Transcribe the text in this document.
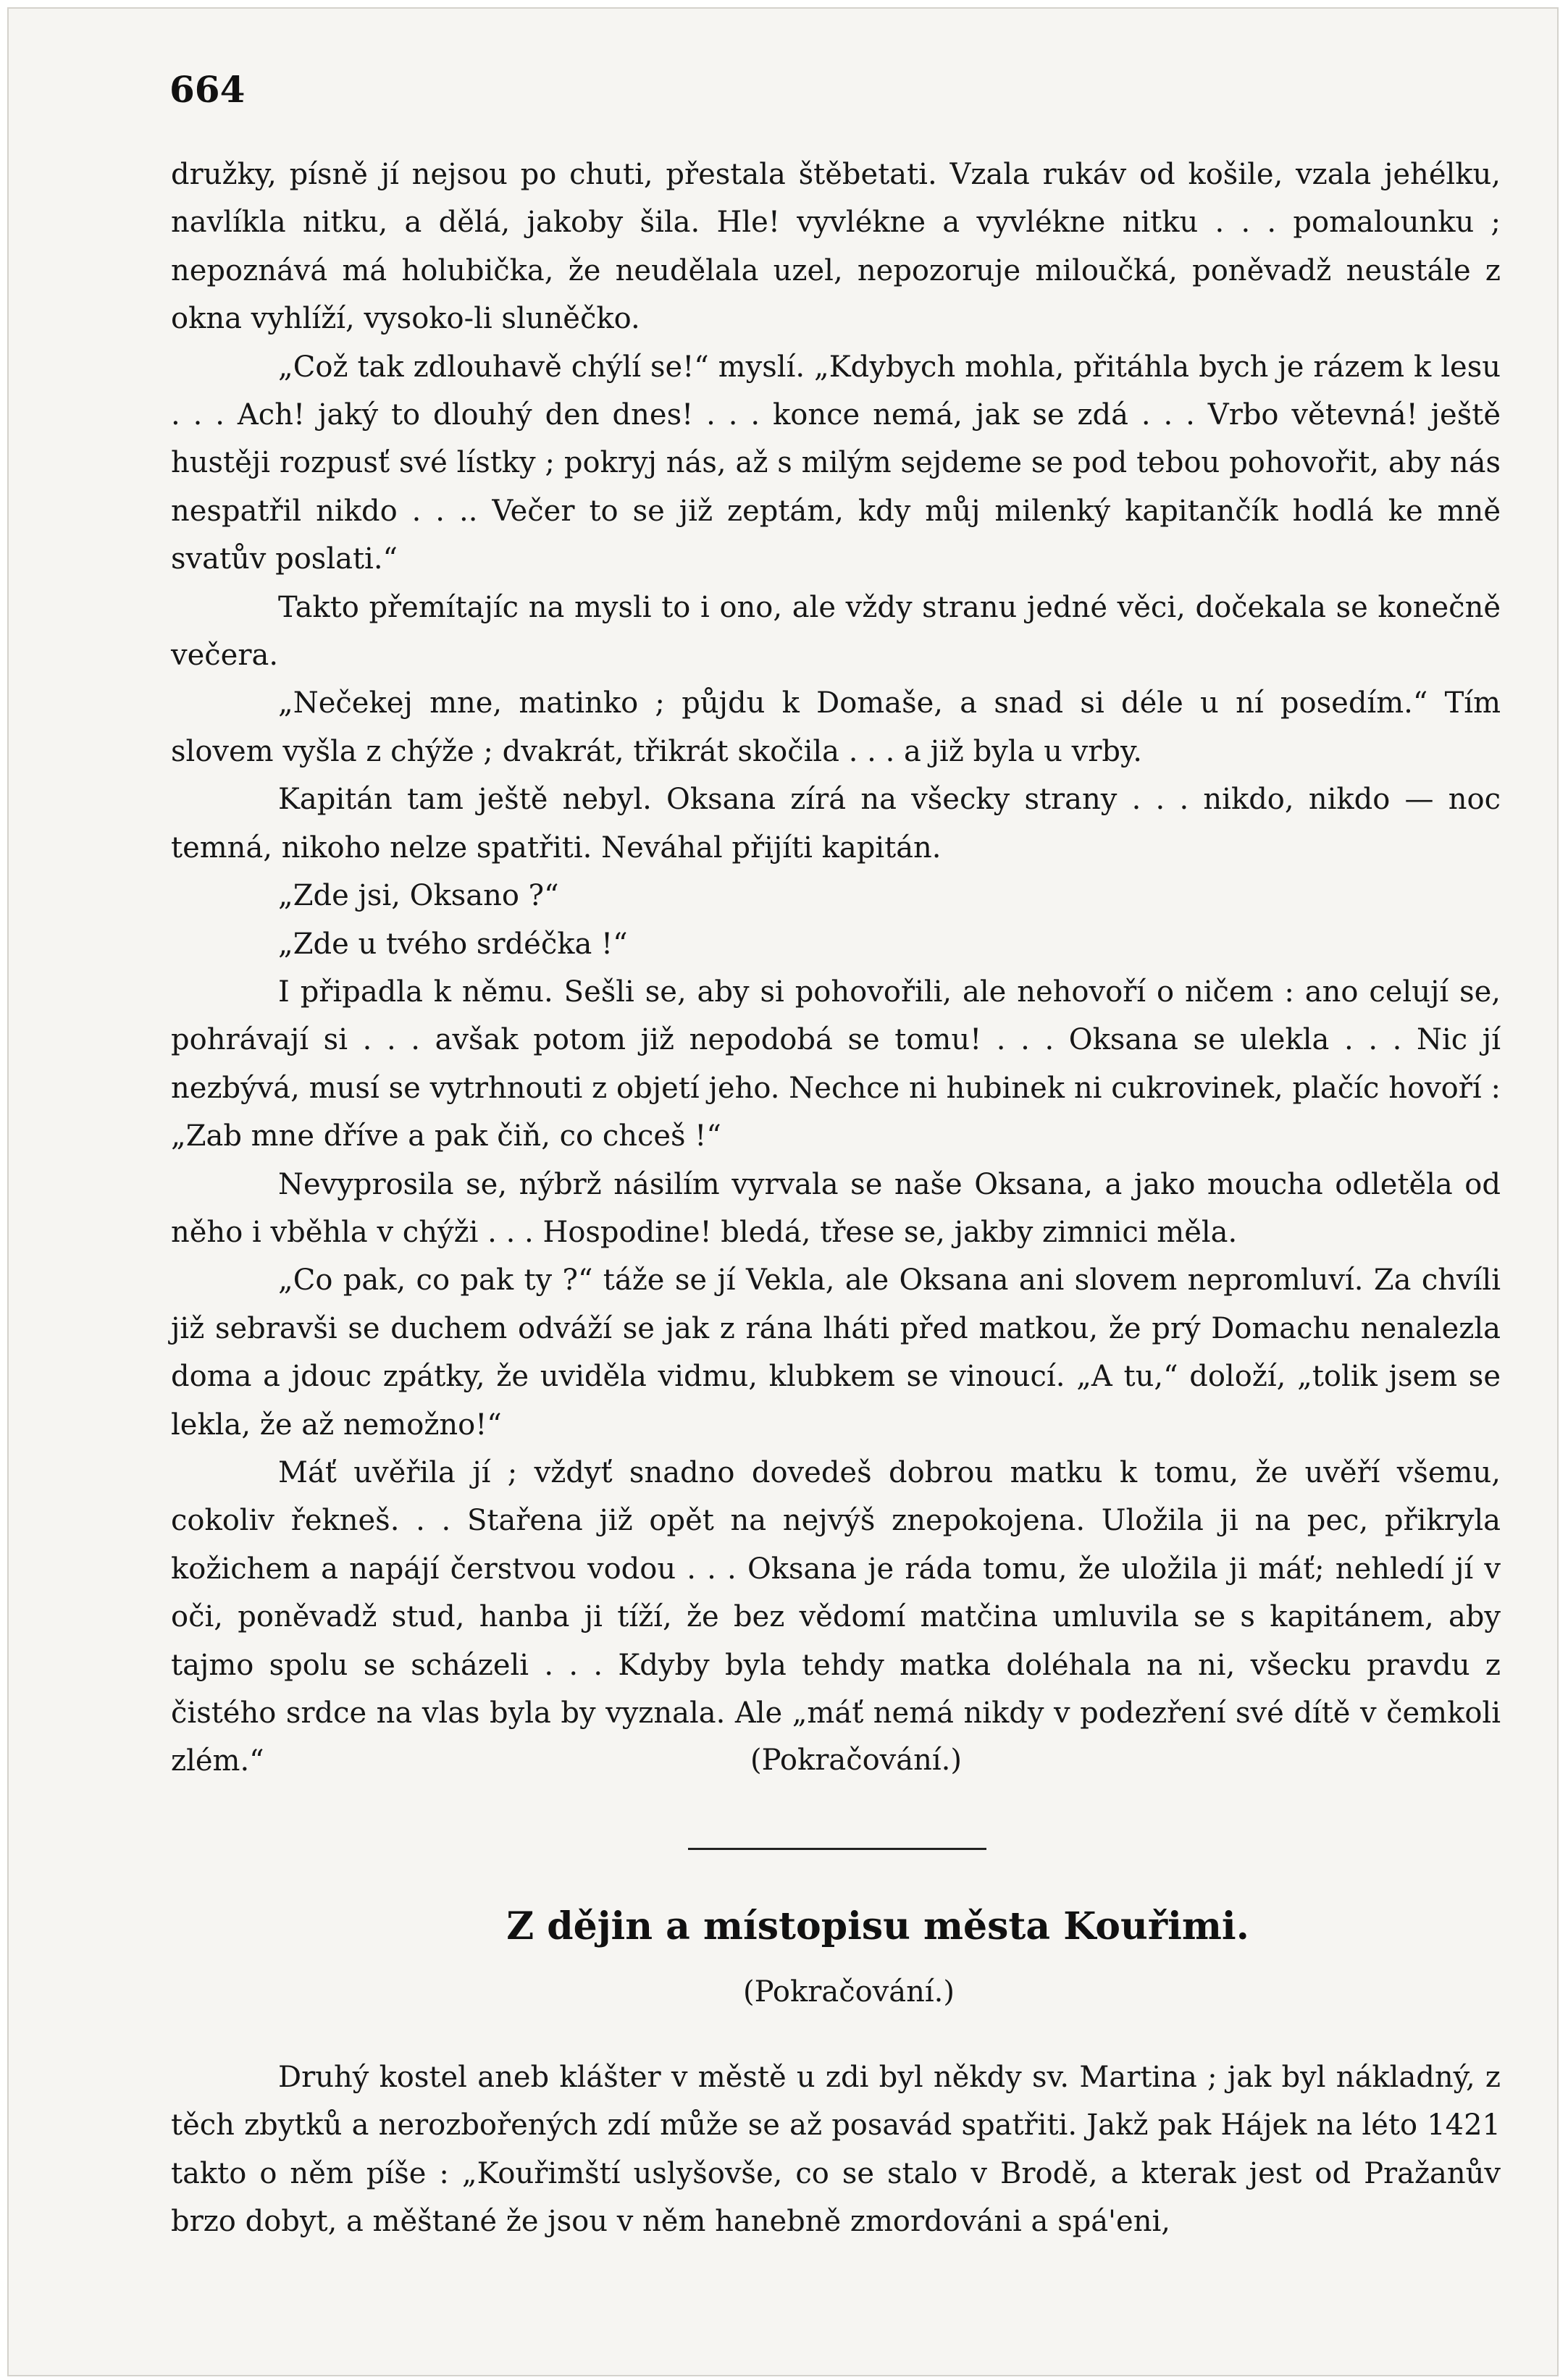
664

družky, písně jí nejsou po chuti, přestala štěbetati. Vzala rukáv od košile, vzala jehélku, navlíkla nitku, a dělá, jakoby šila. Hle! vyvlékne a vyvlékne nitku . . . pomalounku ; nepoznává má holubička, že neudělala uzel, nepozoruje miloučká, poněvadž neustále z okna vyhlíží, vysoko-li sluněčko.

„Což tak zdlouhavě chýlí se!“ myslí. „Kdybych mohla, přitáhla bych je rázem k lesu . . . Ach! jaký to dlouhý den dnes! . . . konce nemá, jak se zdá . . . Vrbo větevná! ještě hustěji rozpusť své lístky ; pokryj nás, až s milým sejdeme se pod tebou pohovořit, aby nás nespatřil nikdo . . .. Večer to se již zeptám, kdy můj milenký kapitančík hodlá ke mně svatův poslati.“

Takto přemítajíc na mysli to i ono, ale vždy stranu jedné věci, dočekala se konečně večera.

„Nečekej mne, matinko ; půjdu k Domaše, a snad si déle u ní posedím.“ Tím slovem vyšla z chýže ; dvakrát, třikrát skočila . . . a již byla u vrby.

Kapitán tam ještě nebyl. Oksana zírá na všecky strany . . . nikdo, nikdo — noc temná, nikoho nelze spatřiti. Neváhal přijíti kapitán.

„Zde jsi, Oksano ?“

„Zde u tvého srdéčka !“

I připadla k němu. Sešli se, aby si pohovořili, ale nehovoří o ničem : ano celují se, pohrávají si . . . avšak potom již nepodobá se tomu! . . . Oksana se ulekla . . . Nic jí nezbývá, musí se vytrhnouti z objetí jeho. Nechce ni hubinek ni cukrovinek, plačíc hovoří : „Zab mne dříve a pak čiň, co chceš !“

Nevyprosila se, nýbrž násilím vyrvala se naše Oksana, a jako moucha odletěla od něho i vběhla v chýži . . . Hospodine! bledá, třese se, jakby zimnici měla.

„Co pak, co pak ty ?“ táže se jí Vekla, ale Oksana ani slovem nepromluví. Za chvíli již sebravši se duchem odváží se jak z rána lháti před matkou, že prý Domachu nenalezla doma a jdouc zpátky, že uviděla vidmu, klubkem se vinoucí. „A tu,“ doloží, „tolik jsem se lekla, že až nemožno!“

Máť uvěřila jí ; vždyť snadno dovedeš dobrou matku k tomu, že uvěří všemu, cokoliv řekneš. . . Stařena již opět na nejvýš znepokojena. Uložila ji na pec, přikryla kožichem a napájí čerstvou vodou . . . Oksana je ráda tomu, že uložila ji máť; nehledí jí v oči, poněvadž stud, hanba ji tíží, že bez vědomí matčina umluvila se s kapitánem, aby tajmo spolu se scházeli . . . Kdyby byla tehdy matka doléhala na ni, všecku pravdu z čistého srdce na vlas byla by vyznala. Ale „máť nemá nikdy v podezření své dítě v čemkoli zlém.“	(Pokračování.)
Z dějin a místopisu města Kouřimi.
(Pokračování.)

Druhý kostel aneb klášter v městě u zdi byl někdy sv. Martina ; jak byl nákladný, z těch zbytků a nerozbořených zdí může se až posavád spatřiti. Jakž pak Hájek na léto 1421 takto o něm píše : „Kouřimští uslyšovše, co se stalo v Brodě, a kterak jest od Pražanův brzo dobyt, a měštané že jsou v něm hanebně zmordováni a spá'eni,
